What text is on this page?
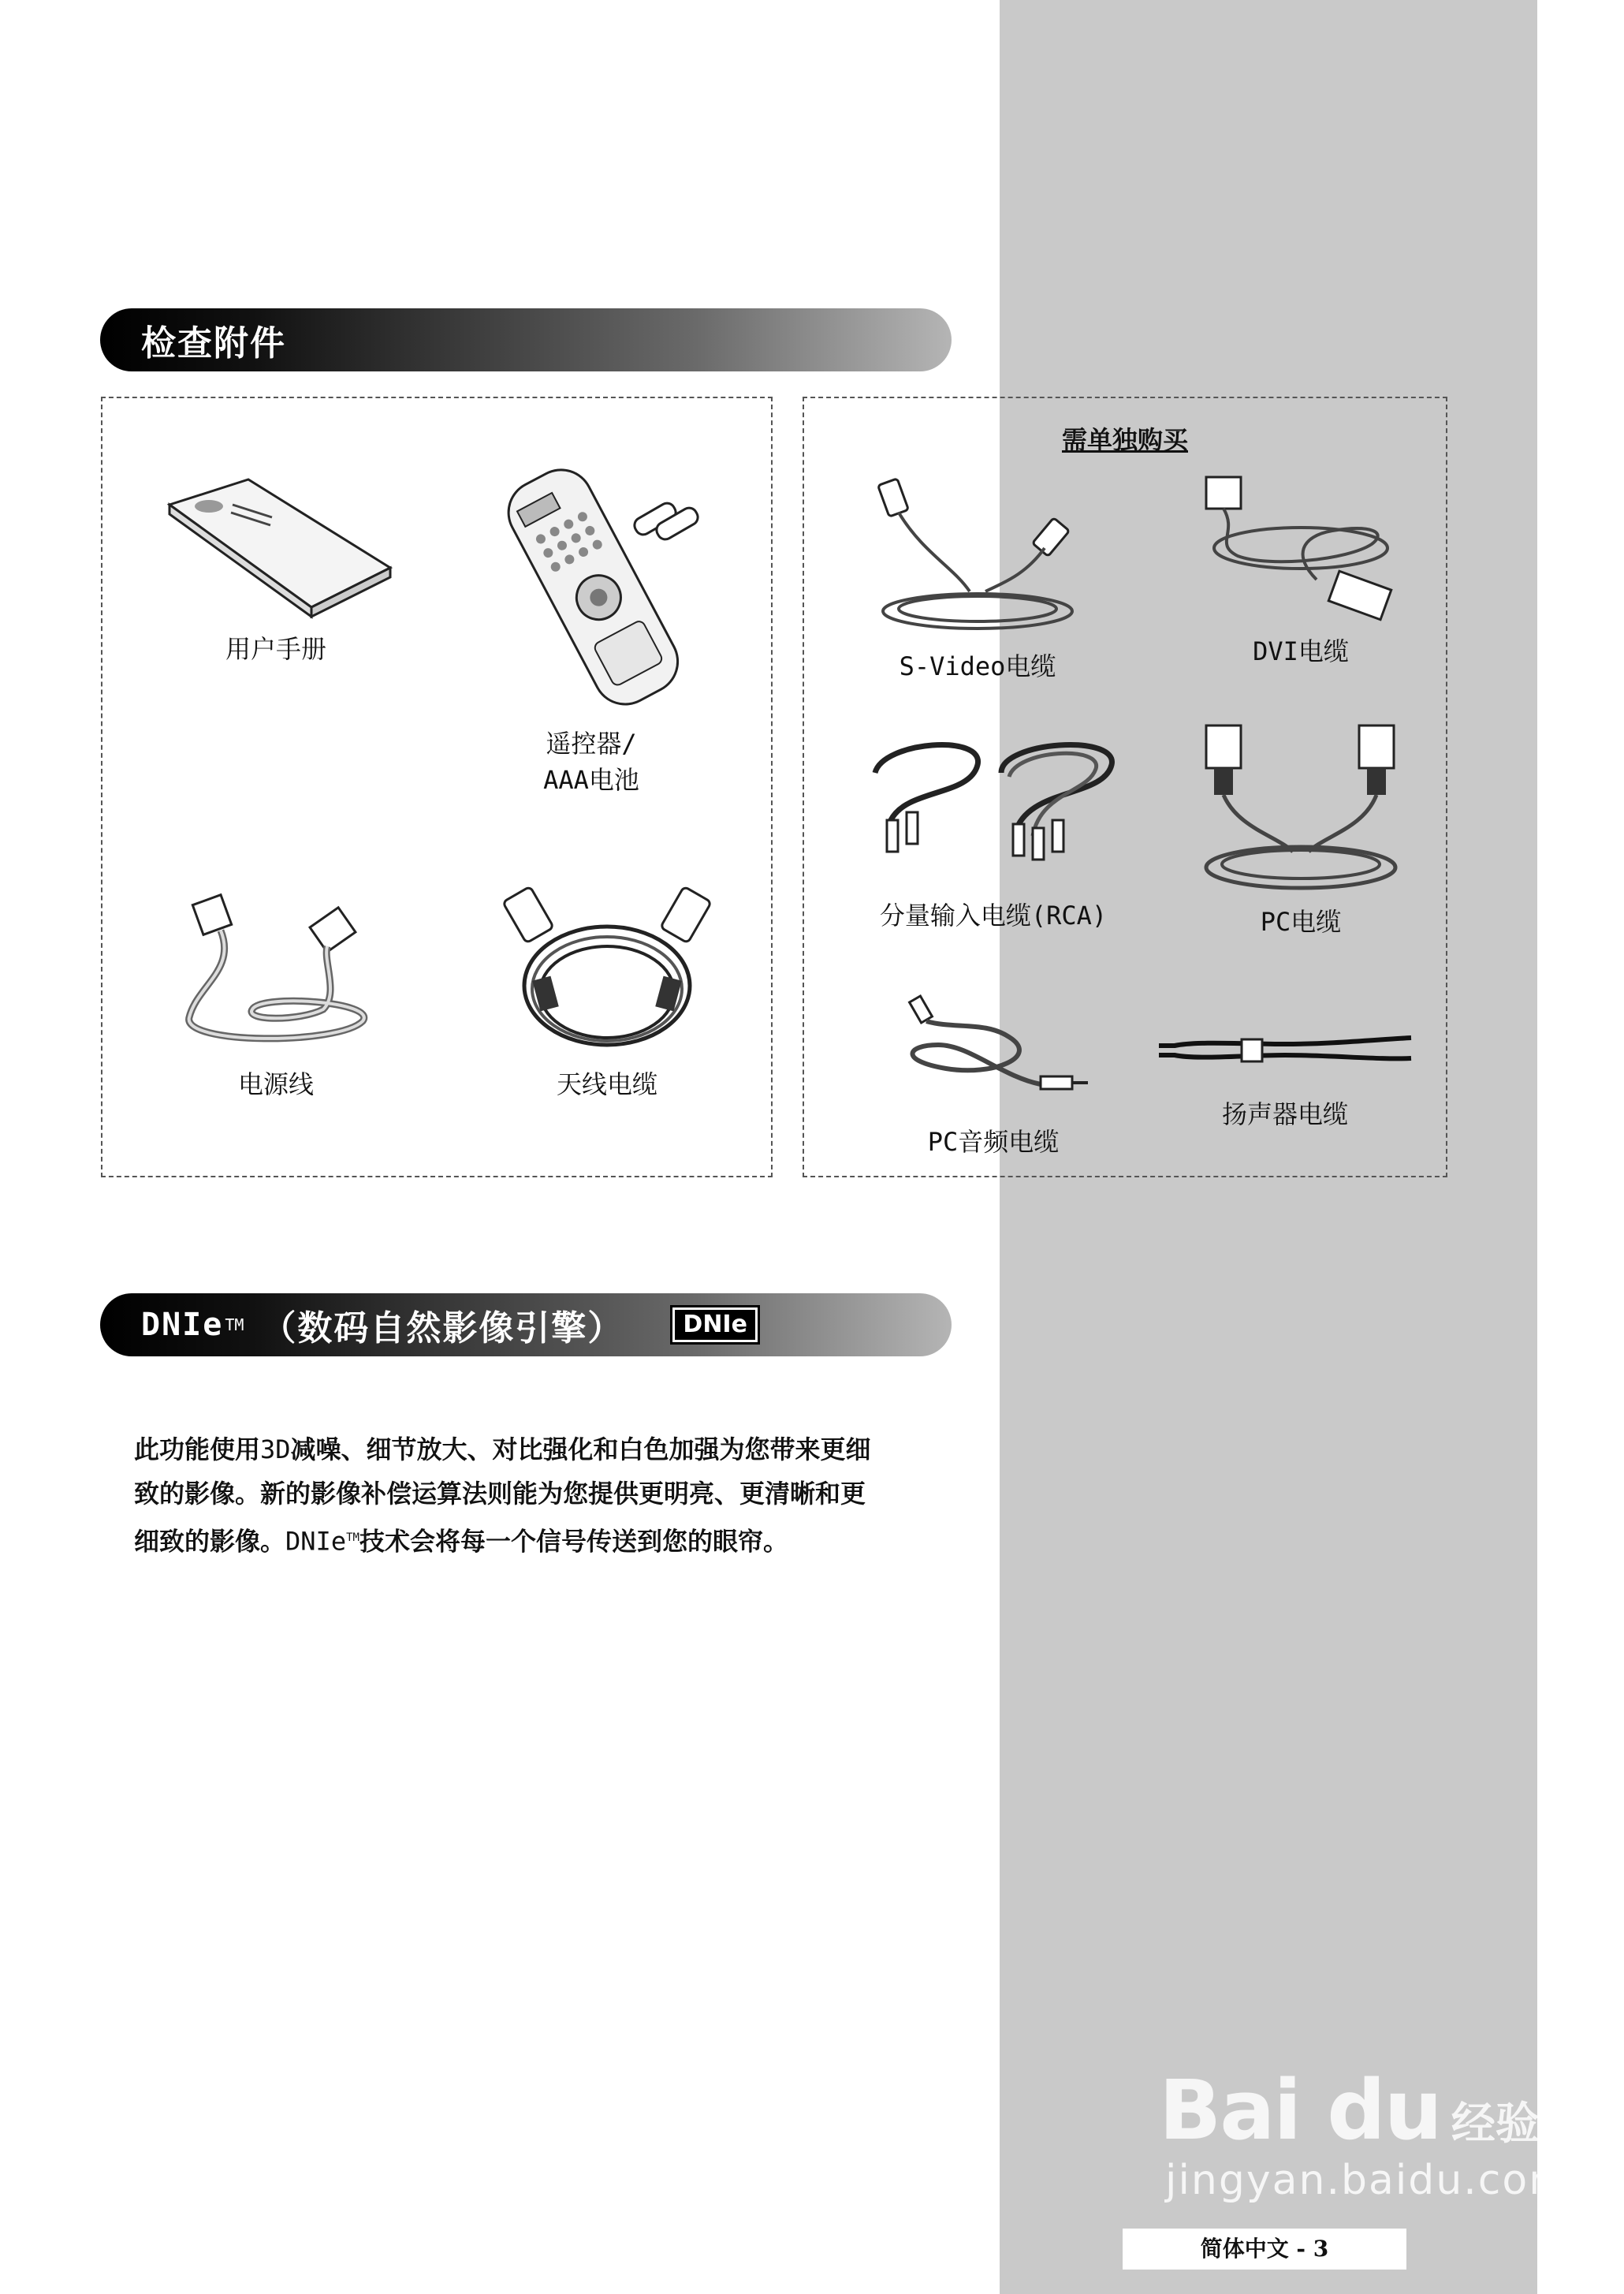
检查附件
用户手册
遥控器/
AAA电池
电源线	天线电缆
需单独购买
S-Video电缆	DVI电缆
分量输入电缆(RCA)	PC电缆
PC音频电缆
扬声器电缆
DNIe TM （数码自然影像引擎）	DNIe
此功能使用3D减噪、细节放大、对比强化和白色加强为您带来更细
致的影像。新的影像补偿运算法则能为您提供更明亮、更清晰和更
细致的影像。DNIe™技术会将每一个信号传送到您的眼帘。
Bai du 经验
jingyan.baidu.com
简体中文 - 3
